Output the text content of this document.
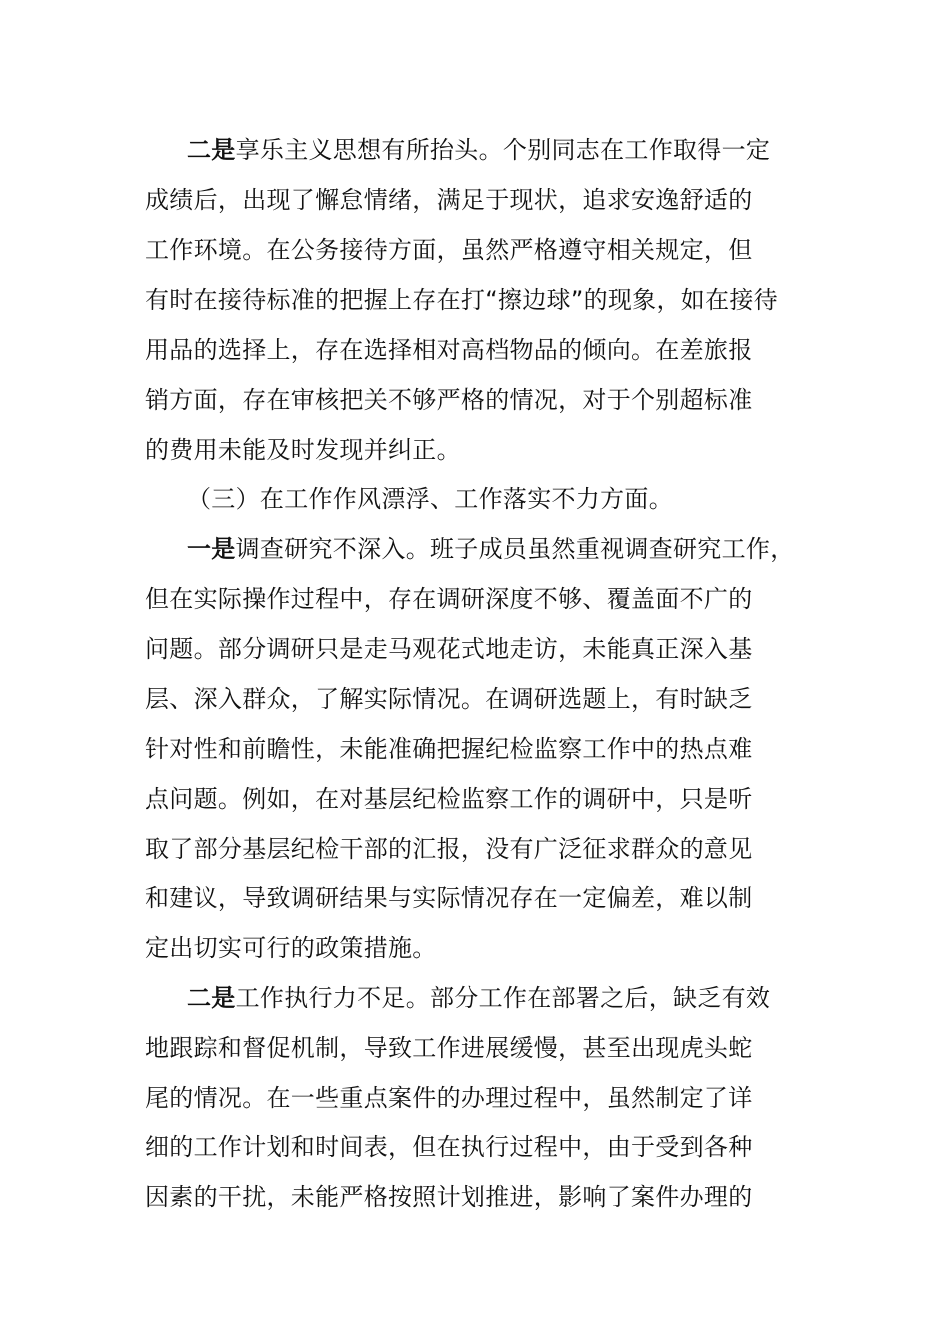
二是享乐主义思想有所抬头。个别同志在工作取得一定
成绩后，出现了懈怠情绪，满足于现状，追求安逸舒适的
工作环境。在公务接待方面，虽然严格遵守相关规定，但
有时在接待标准的把握上存在打“擦边球”的现象，如在接待
用品的选择上，存在选择相对高档物品的倾向。在差旅报
销方面，存在审核把关不够严格的情况，对于个别超标准
的费用未能及时发现并纠正。
（三）在工作作风漂浮、工作落实不力方面。
一是调查研究不深入。班子成员虽然重视调查研究工作，
但在实际操作过程中，存在调研深度不够、覆盖面不广的
问题。部分调研只是走马观花式地走访，未能真正深入基
层、深入群众，了解实际情况。在调研选题上，有时缺乏
针对性和前瞻性，未能准确把握纪检监察工作中的热点难
点问题。例如，在对基层纪检监察工作的调研中，只是听
取了部分基层纪检干部的汇报，没有广泛征求群众的意见
和建议，导致调研结果与实际情况存在一定偏差，难以制
定出切实可行的政策措施。
二是工作执行力不足。部分工作在部署之后，缺乏有效
地跟踪和督促机制，导致工作进展缓慢，甚至出现虎头蛇
尾的情况。在一些重点案件的办理过程中，虽然制定了详
细的工作计划和时间表，但在执行过程中，由于受到各种
因素的干扰，未能严格按照计划推进，影响了案件办理的
